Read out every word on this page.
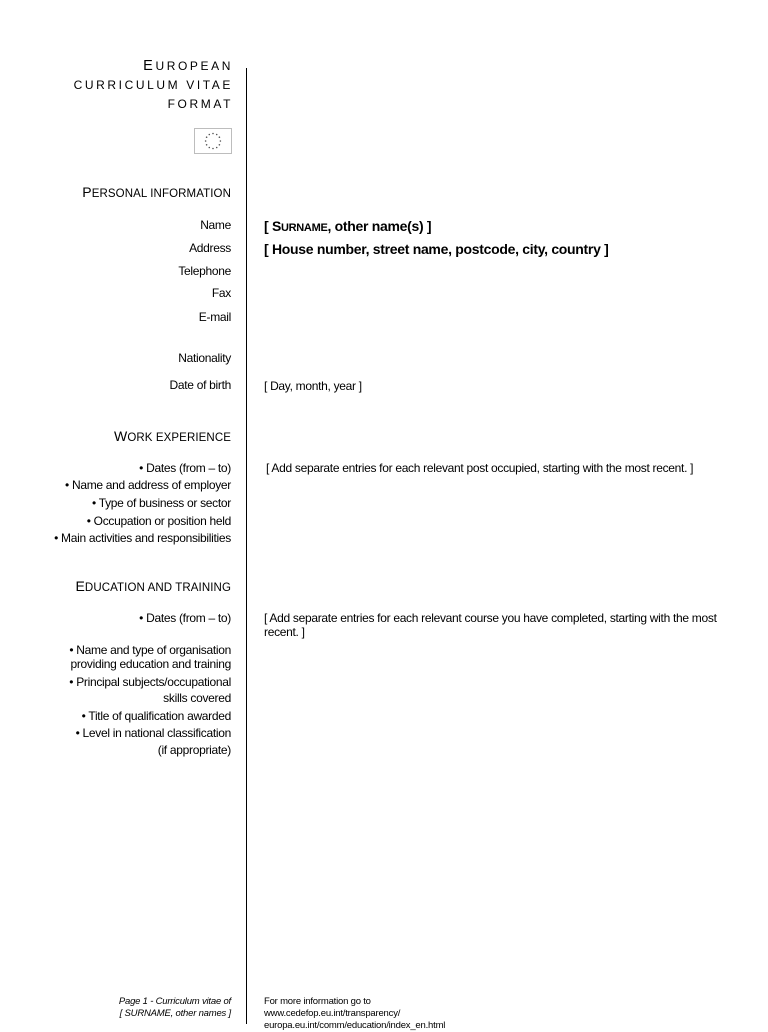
EUROPEAN
CURRICULUM VITAE
FORMAT
PERSONAL INFORMATION
Name
Address
Telephone
Fax
E-mail
Nationality
Date of birth
[ SURNAME, other name(s) ]
[ House number, street name, postcode, city, country ]
[ Day, month, year ]
WORK EXPERIENCE
• Dates (from – to)
• Name and address of employer
• Type of business or sector
• Occupation or position held
• Main activities and responsibilities
[ Add separate entries for each relevant post occupied, starting with the most recent. ]
EDUCATION AND TRAINING
• Dates (from – to)
• Name and type of organisation
providing education and training
• Principal subjects/occupational
skills covered
• Title of qualification awarded
• Level in national classification
(if appropriate)
[ Add separate entries for each relevant course you have completed, starting with the most
recent. ]
Page 1 - Curriculum vitae of
[ SURNAME, other names ]
For more information go to
www.cedefop.eu.int/transparency/
europa.eu.int/comm/education/index_en.html
